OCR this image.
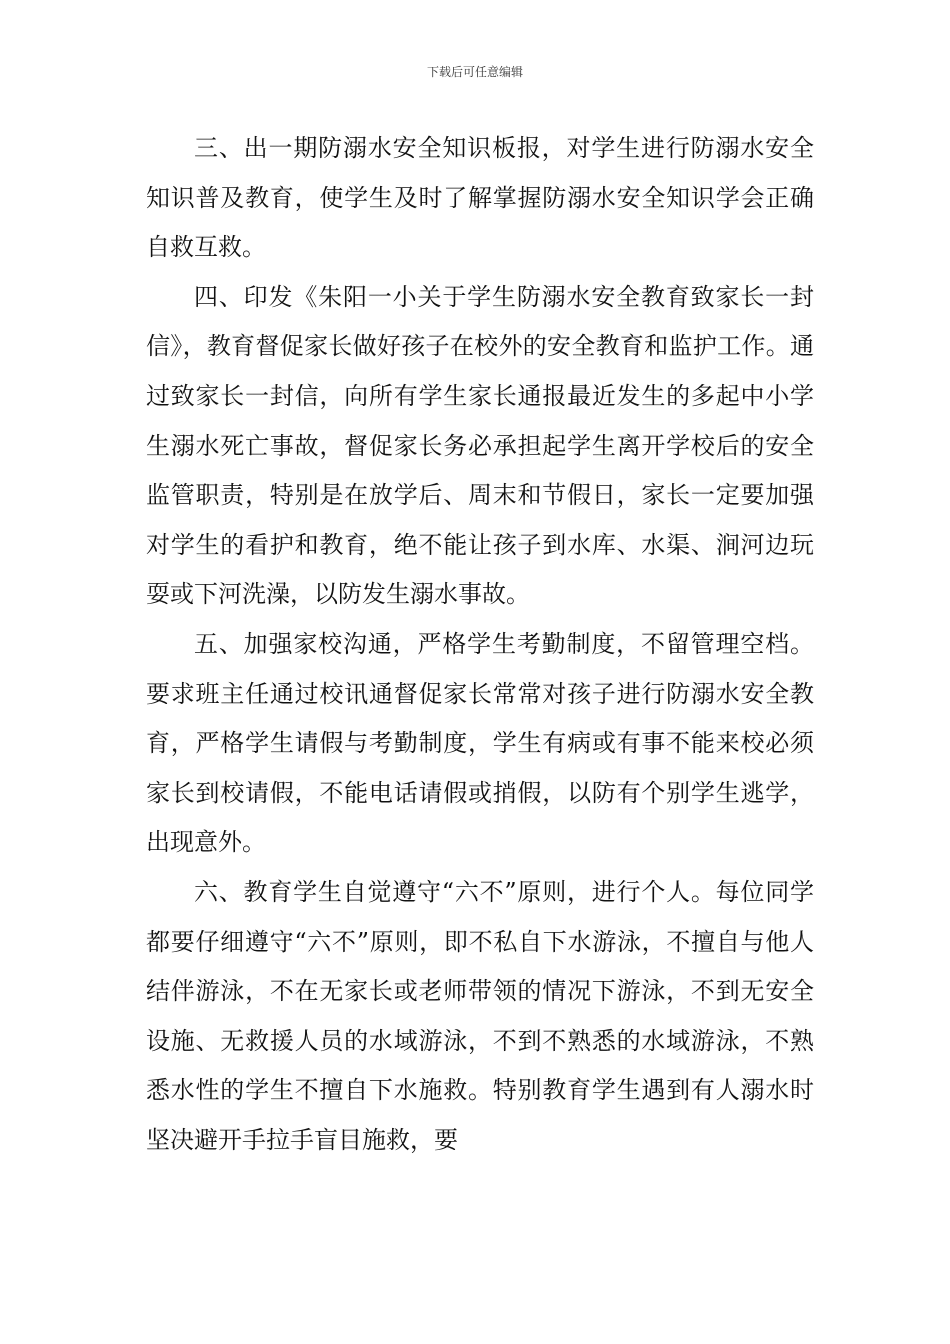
下载后可任意编辑

三、出一期防溺水安全知识板报，对学生进行防溺水安全知识普及教育，使学生及时了解掌握防溺水安全知识学会正确自救互救。

四、印发《朱阳一小关于学生防溺水安全教育致家长一封信》，教育督促家长做好孩子在校外的安全教育和监护工作。通过致家长一封信，向所有学生家长通报最近发生的多起中小学生溺水死亡事故，督促家长务必承担起学生离开学校后的安全监管职责，特别是在放学后、周末和节假日，家长一定要加强对学生的看护和教育，绝不能让孩子到水库、水渠、涧河边玩耍或下河洗澡，以防发生溺水事故。

五、加强家校沟通，严格学生考勤制度，不留管理空档。要求班主任通过校讯通督促家长常常对孩子进行防溺水安全教育，严格学生请假与考勤制度，学生有病或有事不能来校必须家长到校请假，不能电话请假或捎假，以防有个别学生逃学，出现意外。

六、教育学生自觉遵守“六不”原则，进行个人。每位同学都要仔细遵守“六不”原则，即不私自下水游泳，不擅自与他人结伴游泳，不在无家长或老师带领的情况下游泳，不到无安全设施、无救援人员的水域游泳，不到不熟悉的水域游泳，不熟悉水性的学生不擅自下水施救。特别教育学生遇到有人溺水时坚决避开手拉手盲目施救，要
